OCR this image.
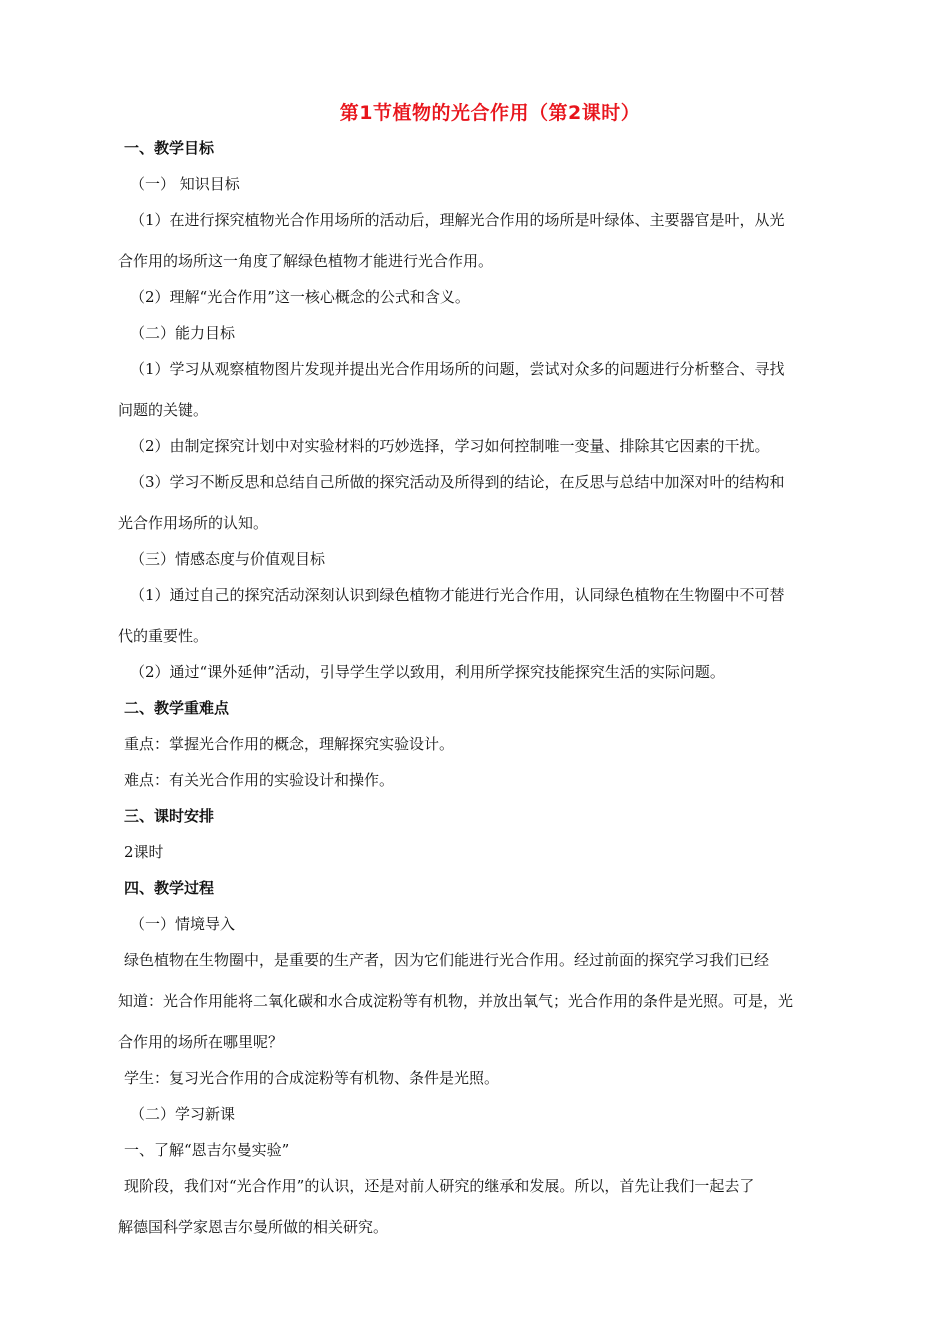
第1节植物的光合作用（第2课时）
一、教学目标
（一） 知识目标
（1）在进行探究植物光合作用场所的活动后，理解光合作用的场所是叶绿体、主要器官是叶，从光
合作用的场所这一角度了解绿色植物才能进行光合作用。
（2）理解“光合作用”这一核心概念的公式和含义。
（二）能力目标
（1）学习从观察植物图片发现并提出光合作用场所的问题，尝试对众多的问题进行分析整合、寻找
问题的关键。
（2）由制定探究计划中对实验材料的巧妙选择，学习如何控制唯一变量、排除其它因素的干扰。
（3）学习不断反思和总结自己所做的探究活动及所得到的结论，在反思与总结中加深对叶的结构和
光合作用场所的认知。
（三）情感态度与价值观目标
（1）通过自己的探究活动深刻认识到绿色植物才能进行光合作用，认同绿色植物在生物圈中不可替
代的重要性。
（2）通过“课外延伸”活动，引导学生学以致用，利用所学探究技能探究生活的实际问题。
二、教学重难点
重点：掌握光合作用的概念，理解探究实验设计。
难点：有关光合作用的实验设计和操作。
三、课时安排
2课时
四、教学过程
（一）情境导入
绿色植物在生物圈中，是重要的生产者，因为它们能进行光合作用。经过前面的探究学习我们已经
知道：光合作用能将二氧化碳和水合成淀粉等有机物，并放出氧气；光合作用的条件是光照。可是，光
合作用的场所在哪里呢？
学生：复习光合作用的合成淀粉等有机物、条件是光照。
（二）学习新课
一、了解“恩吉尔曼实验”
现阶段，我们对“光合作用”的认识，还是对前人研究的继承和发展。所以，首先让我们一起去了
解德国科学家恩吉尔曼所做的相关研究。
